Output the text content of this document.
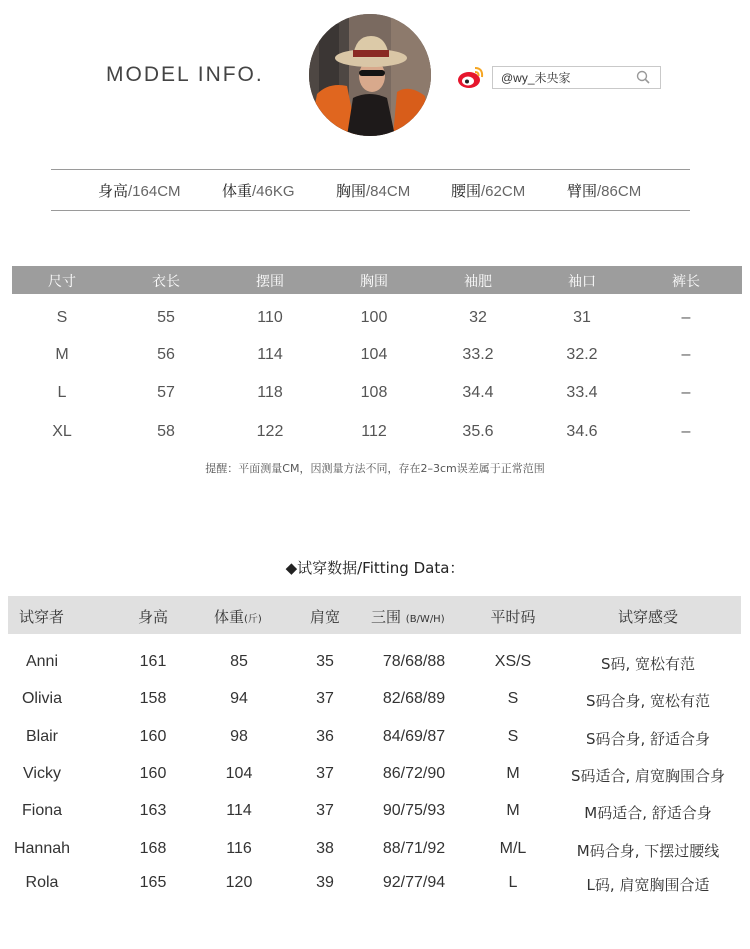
MODEL INFO.
@wy_未央家
身高/164CM	体重/46KG	胸围/84CM	腰围/62CM	臂围/86CM
尺寸	衣长	摆围	胸围	袖肥	袖口	裤长
S	55	110	100	32	31	–
M	56	114	104	33.2	32.2	–
L	57	118	108	34.4	33.4	–
XL	58	122	112	35.6	34.6	–
提醒：平面测量CM，因测量方法不同，存在2–3cm误差属于正常范围
◆试穿数据/Fitting Data：
试穿者	身高	体重(斤)	肩宽	三围 (B/W/H)	平时码	试穿感受
Anni	161	85	35	78/68/88	XS/S	S码, 宽松有范
Olivia	158	94	37	82/68/89	S	S码合身, 宽松有范
Blair	160	98	36	84/69/87	S	S码合身, 舒适合身
Vicky	160	104	37	86/72/90	M	S码适合, 肩宽胸围合身
Fiona	163	114	37	90/75/93	M	M码适合, 舒适合身
Hannah	168	116	38	88/71/92	M/L	M码合身, 下摆过腰线
Rola	165	120	39	92/77/94	L	L码, 肩宽胸围合适
